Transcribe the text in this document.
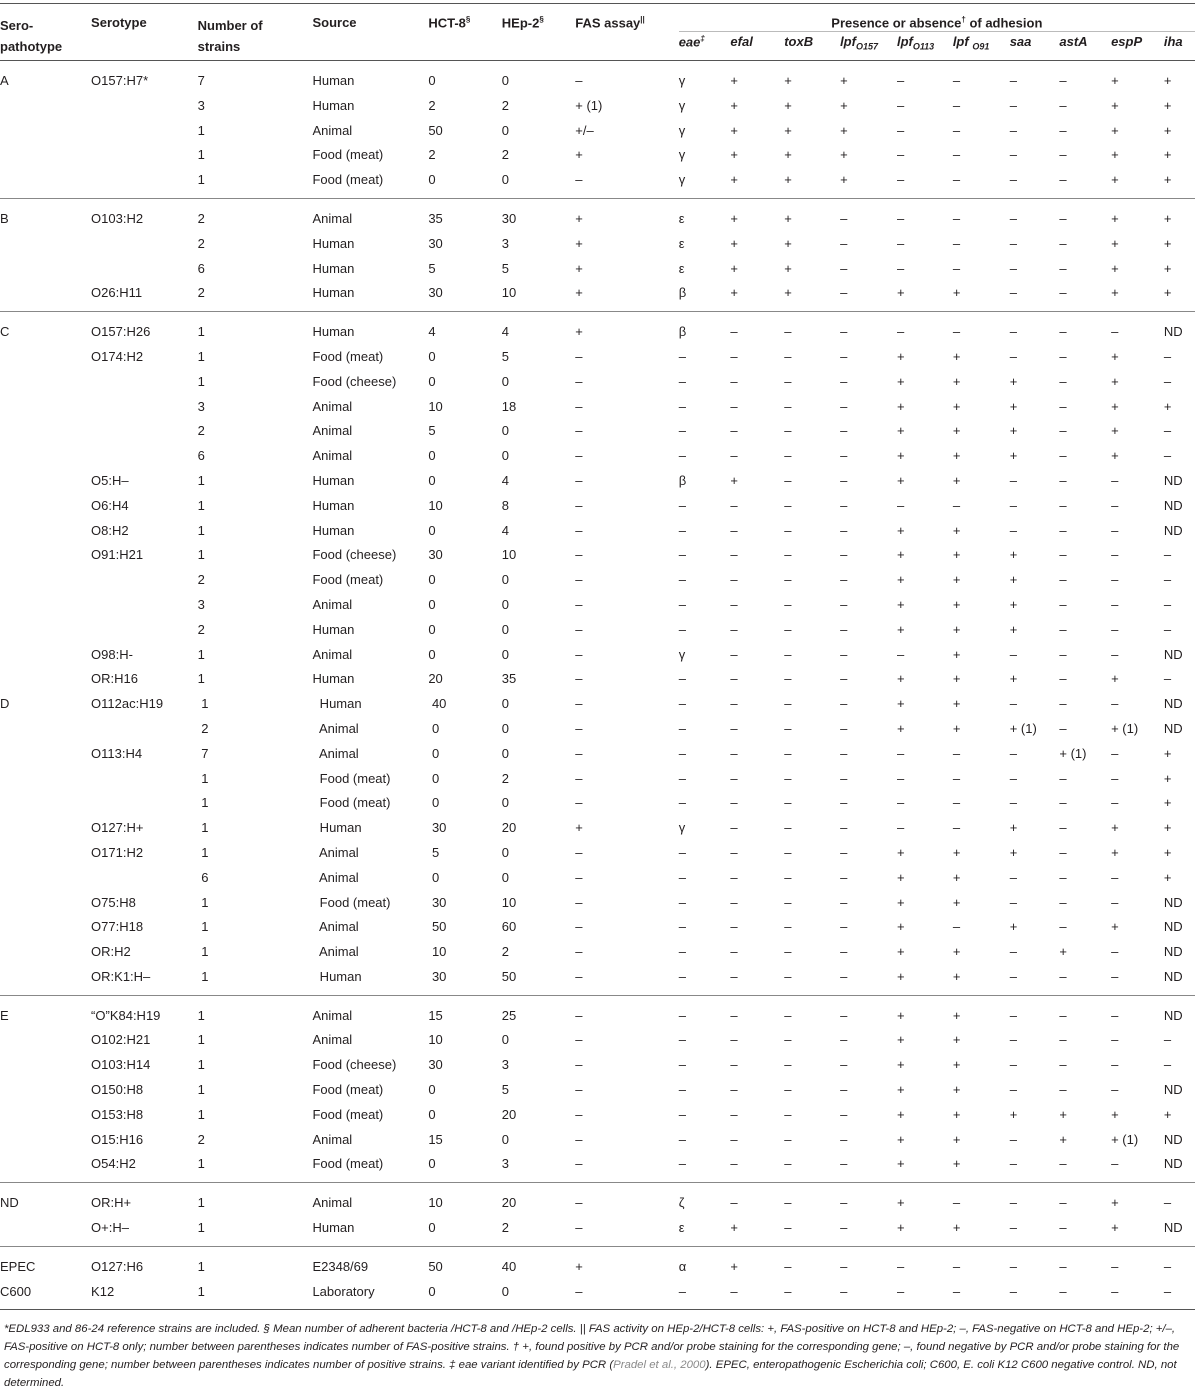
Sero-
pathotype	Serotype	Number of
strains	Source	HCT-8§	HEp-2§	FAS assay||	Presence or absence† of adhesion									
							eae‡	efal	toxB	lpf$_{O157}$	lpf$_{O113}$	lpf $_{O91}$	saa	astA	espP	iha
A	O157:H7*	7	Human	0	0	–	γ	+	+	+	–	–	–	–	+	+
		3	Human	2	2	+ (1)	γ	+	+	+	–	–	–	–	+	+
		1	Animal	50	0	+/–	γ	+	+	+	–	–	–	–	+	+
		1	Food (meat)	2	2	+	γ	+	+	+	–	–	–	–	+	+
		1	Food (meat)	0	0	–	γ	+	+	+	–	–	–	–	+	+
B	O103:H2	2	Animal	35	30	+	ε	+	+	–	–	–	–	–	+	+
		2	Human	30	3	+	ε	+	+	–	–	–	–	–	+	+
		6	Human	5	5	+	ε	+	+	–	–	–	–	–	+	+
	O26:H11	2	Human	30	10	+	β	+	+	–	+	+	–	–	+	+
C	O157:H26	1	Human	4	4	+	β	–	–	–	–	–	–	–	–	ND
	O174:H2	1	Food (meat)	0	5	–	–	–	–	–	+	+	–	–	+	–
		1	Food (cheese)	0	0	–	–	–	–	–	+	+	+	–	+	–
		3	Animal	10	18	–	–	–	–	–	+	+	+	–	+	+
		2	Animal	5	0	–	–	–	–	–	+	+	+	–	+	–
		6	Animal	0	0	–	–	–	–	–	+	+	+	–	+	–
	O5:H–	1	Human	0	4	–	β	+	–	–	+	+	–	–	–	ND
	O6:H4	1	Human	10	8	–	–	–	–	–	–	–	–	–	–	ND
	O8:H2	1	Human	0	4	–	–	–	–	–	+	+	–	–	–	ND
	O91:H21	1	Food (cheese)	30	10	–	–	–	–	–	+	+	+	–	–	–
		2	Food (meat)	0	0	–	–	–	–	–	+	+	+	–	–	–
		3	Animal	0	0	–	–	–	–	–	+	+	+	–	–	–
		2	Human	0	0	–	–	–	–	–	+	+	+	–	–	–
	O98:H-	1	Animal	0	0	–	γ	–	–	–	–	+	–	–	–	ND
	OR:H16	1	Human	20	35	–	–	–	–	–	+	+	+	–	+	–
D	O112ac:H19	1	Human	40	0	–	–	–	–	–	+	+	–	–	–	ND
		2	Animal	0	0	–	–	–	–	–	+	+	+ (1)	–	+ (1)	ND
	O113:H4	7	Animal	0	0	–	–	–	–	–	–	–	–	+ (1)	–	+
		1	Food (meat)	0	2	–	–	–	–	–	–	–	–	–	–	+
		1	Food (meat)	0	0	–	–	–	–	–	–	–	–	–	–	+
	O127:H+	1	Human	30	20	+	γ	–	–	–	–	–	+	–	+	+
	O171:H2	1	Animal	5	0	–	–	–	–	–	+	+	+	–	+	+
		6	Animal	0	0	–	–	–	–	–	+	+	–	–	–	+
	O75:H8	1	Food (meat)	30	10	–	–	–	–	–	+	+	–	–	–	ND
	O77:H18	1	Animal	50	60	–	–	–	–	–	+	–	+	–	+	ND
	OR:H2	1	Animal	10	2	–	–	–	–	–	+	+	–	+	–	ND
	OR:K1:H–	1	Human	30	50	–	–	–	–	–	+	+	–	–	–	ND
E	“O”K84:H19	1	Animal	15	25	–	–	–	–	–	+	+	–	–	–	ND
	O102:H21	1	Animal	10	0	–	–	–	–	–	+	+	–	–	–	–
	O103:H14	1	Food (cheese)	30	3	–	–	–	–	–	+	+	–	–	–	–
	O150:H8	1	Food (meat)	0	5	–	–	–	–	–	+	+	–	–	–	ND
	O153:H8	1	Food (meat)	0	20	–	–	–	–	–	+	+	+	+	+	+
	O15:H16	2	Animal	15	0	–	–	–	–	–	+	+	–	+	+ (1)	ND
	O54:H2	1	Food (meat)	0	3	–	–	–	–	–	+	+	–	–	–	ND
ND	OR:H+	1	Animal	10	20	–	ζ	–	–	–	+	–	–	–	+	–
	O+:H–	1	Human	0	2	–	ε	+	–	–	+	+	–	–	+	ND
EPEC	O127:H6	1	E2348/69	50	40	+	α	+	–	–	–	–	–	–	–	–
C600	K12	1	Laboratory	0	0	–	–	–	–	–	–	–	–	–	–	–
*EDL933 and 86-24 reference strains are included. § Mean number of adherent bacteria /HCT-8 and /HEp-2 cells. || FAS activity on HEp-2/HCT-8 cells: +, FAS-positive on HCT-8 and HEp-2; –, FAS-negative on HCT-8 and HEp-2; +/–, FAS-positive on HCT-8 only; number between parentheses indicates number of FAS-positive strains. † +, found positive by PCR and/or probe staining for the corresponding gene; –, found negative by PCR and/or probe staining for the corresponding gene; number between parentheses indicates number of positive strains. ‡ eae variant identified by PCR (Pradel et al., 2000). EPEC, enteropathogenic Escherichia coli; C600, E. coli K12 C600 negative control. ND, not determined.
